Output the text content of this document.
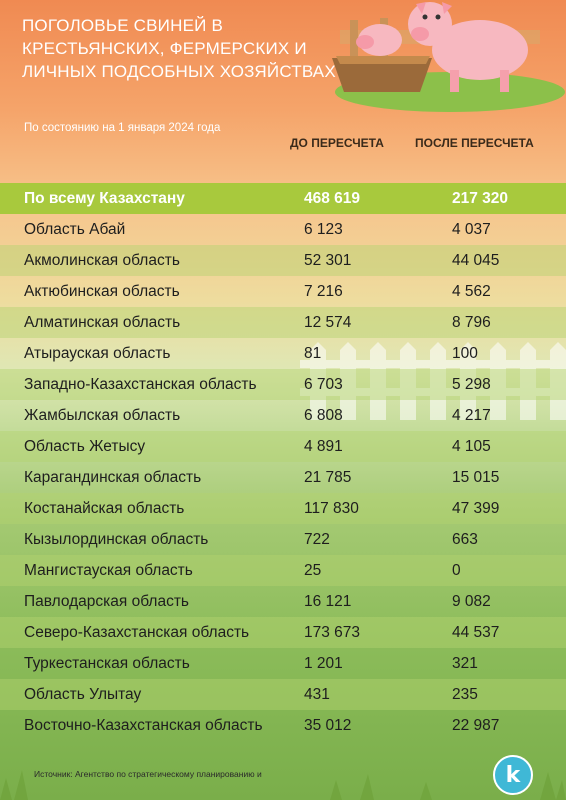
ПОГОЛОВЬЕ СВИНЕЙ В КРЕСТЬЯНСКИХ, ФЕРМЕРСКИХ И ЛИЧНЫХ ПОДСОБНЫХ ХОЗЯЙСТВАХ
По состоянию на 1 января 2024 года
ДО ПЕРЕСЧЕТА	ПОСЛЕ ПЕРЕСЧЕТА
По всему Казахстану	468 619	217 320
Область Абай	6 123	4 037
Акмолинская область	52 301	44 045
Актюбинская область	7 216	4 562
Алматинская область	12 574	8 796
Атырауская область	81	100
Западно-Казахстанская область	6 703	5 298
Жамбылская область	6 808	4 217
Область Жетысу	4 891	4 105
Карагандинская область	21 785	15 015
Костанайская область	117 830	47 399
Кызылординская область	722	663
Мангистауская область	25	0
Павлодарская область	16 121	9 082
Северо-Казахстанская область	173 673	44 537
Туркестанская область	1 201	321
Область Улытау	431	235
Восточно-Казахстанская область	35 012	22 987
Источник: Агентство по стратегическому планированию и	k
